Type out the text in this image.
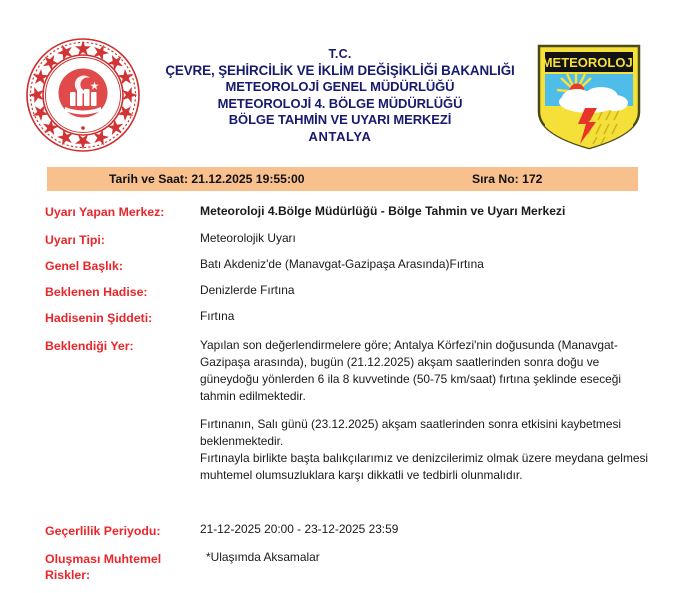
T.C.
ÇEVRE, ŞEHİRCİLİK VE İKLİM DEĞİŞİKLİĞİ BAKANLIĞI
METEOROLOJİ GENEL MÜDÜRLÜĞÜ
METEOROLOJİ 4. BÖLGE MÜDÜRLÜĞÜ
BÖLGE TAHMİN VE UYARI MERKEZİ
ANTALYA
METEOROLOJİ
Tarih ve Saat: 21.12.2025 19:55:00	Sıra No: 172
Uyarı Yapan Merkez:	Meteoroloji 4.Bölge Müdürlüğü - Bölge Tahmin ve Uyarı Merkezi
Uyarı Tipi:	Meteorolojik Uyarı
Genel Başlık:	Batı Akdeniz'de (Manavgat-Gazipaşa Arasında)Fırtına
Beklenen Hadise:	Denizlerde Fırtına
Hadisenin Şiddeti:	Fırtına
Beklendiği Yer:	Yapılan son değerlendirmelere göre; Antalya Körfezi'nin doğusunda (Manavgat-Gazipaşa arasında), bugün (21.12.2025) akşam saatlerinden sonra doğu ve güneydoğu yönlerden 6 ila 8 kuvvetinde (50-75 km/saat) fırtına şeklinde eseceği tahmin edilmektedir.
Fırtınanın, Salı günü (23.12.2025) akşam saatlerinden sonra etkisini kaybetmesi beklenmektedir.
Fırtınayla birlikte başta balıkçılarımız ve denizcilerimiz olmak üzere meydana gelmesi muhtemel olumsuzluklara karşı dikkatli ve tedbirli olunmalıdır.
Geçerlilik Periyodu:	21-12-2025 20:00 - 23-12-2025 23:59
Oluşması Muhtemel
Riskler:
*Ulaşımda Aksamalar
